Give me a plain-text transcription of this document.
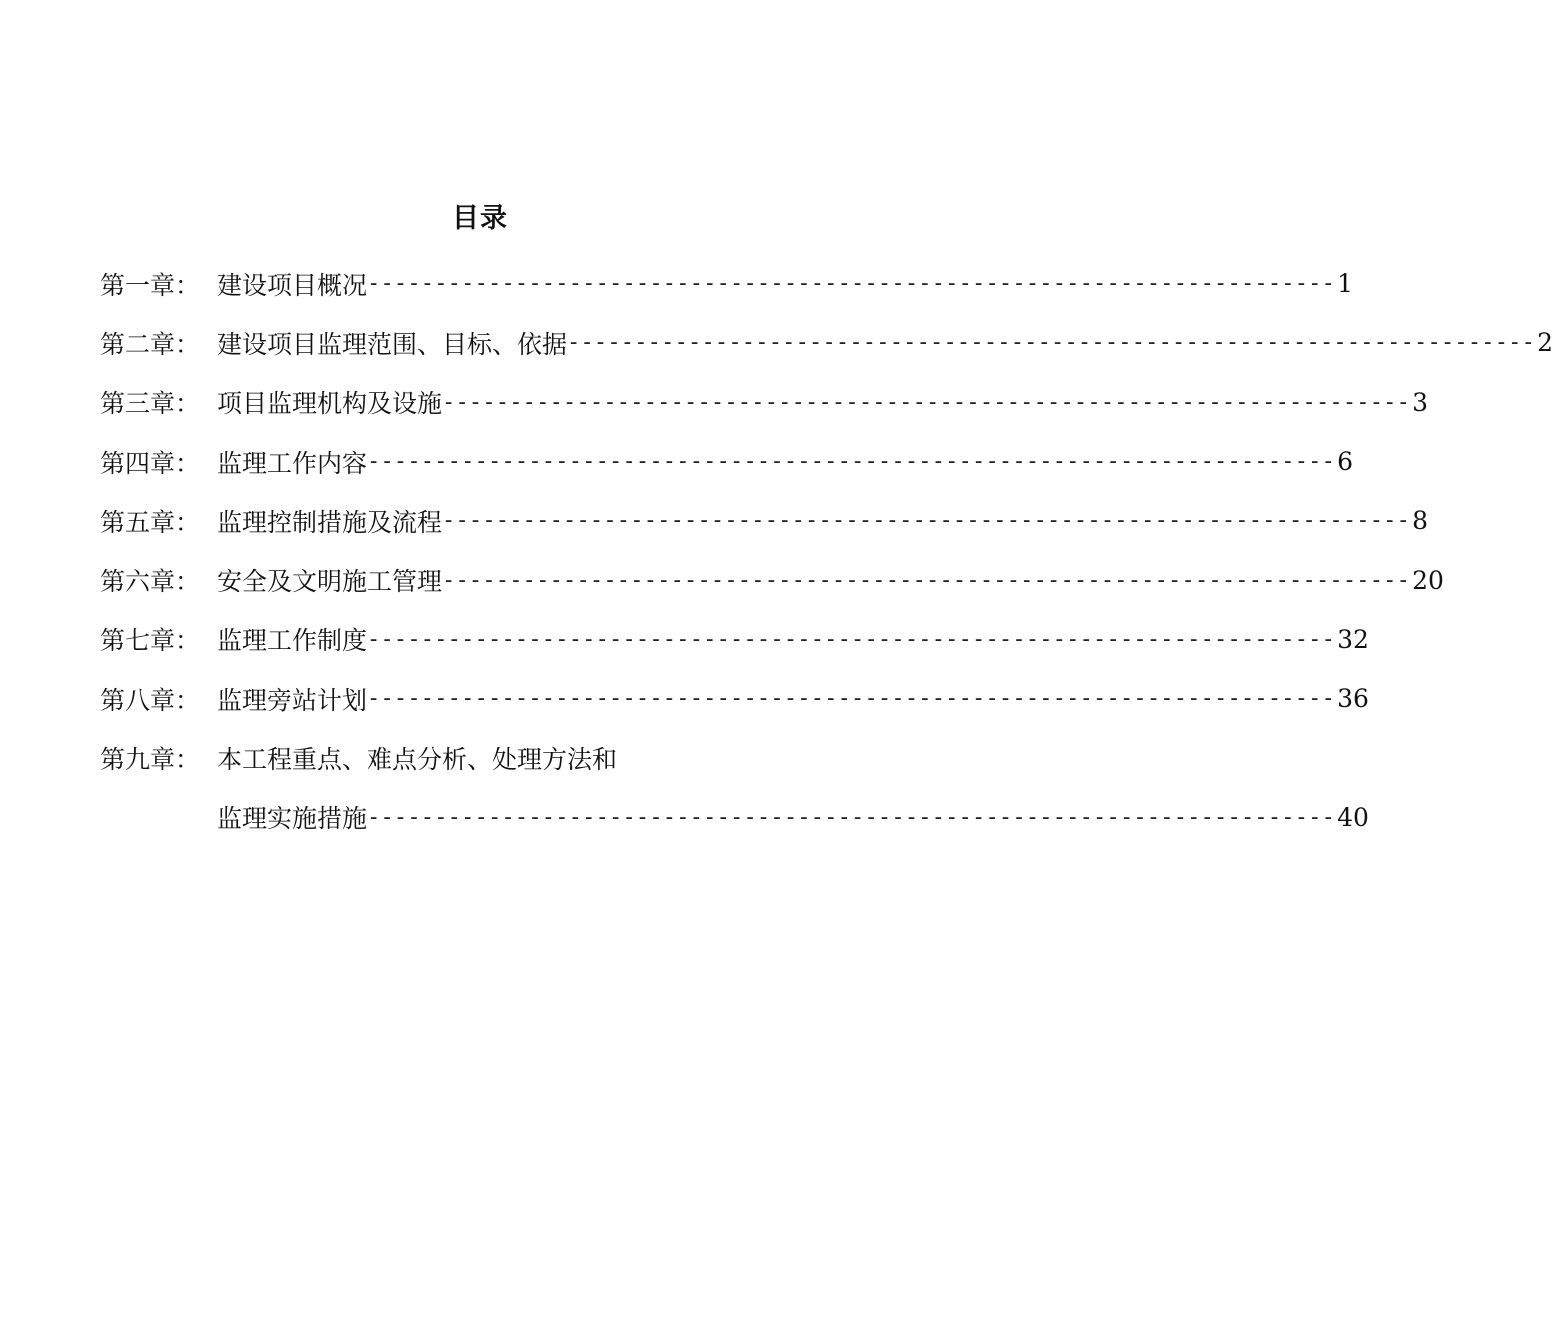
目录
第一章： 建设项目概况 ------------------------------------------------------------------------ 1
第二章： 建设项目监理范围、目标、依据 ------------------------------------------------------------------------ 2
第三章： 项目监理机构及设施 ------------------------------------------------------------------------ 3
第四章： 监理工作内容 ------------------------------------------------------------------------ 6
第五章： 监理控制措施及流程 ------------------------------------------------------------------------ 8
第六章： 安全及文明施工管理 ------------------------------------------------------------------------ 20
第七章： 监理工作制度 ------------------------------------------------------------------------ 32
第八章： 监理旁站计划 ------------------------------------------------------------------------ 36
第九章： 本工程重点、难点分析、处理方法和
监理实施措施 ------------------------------------------------------------------------ 40
